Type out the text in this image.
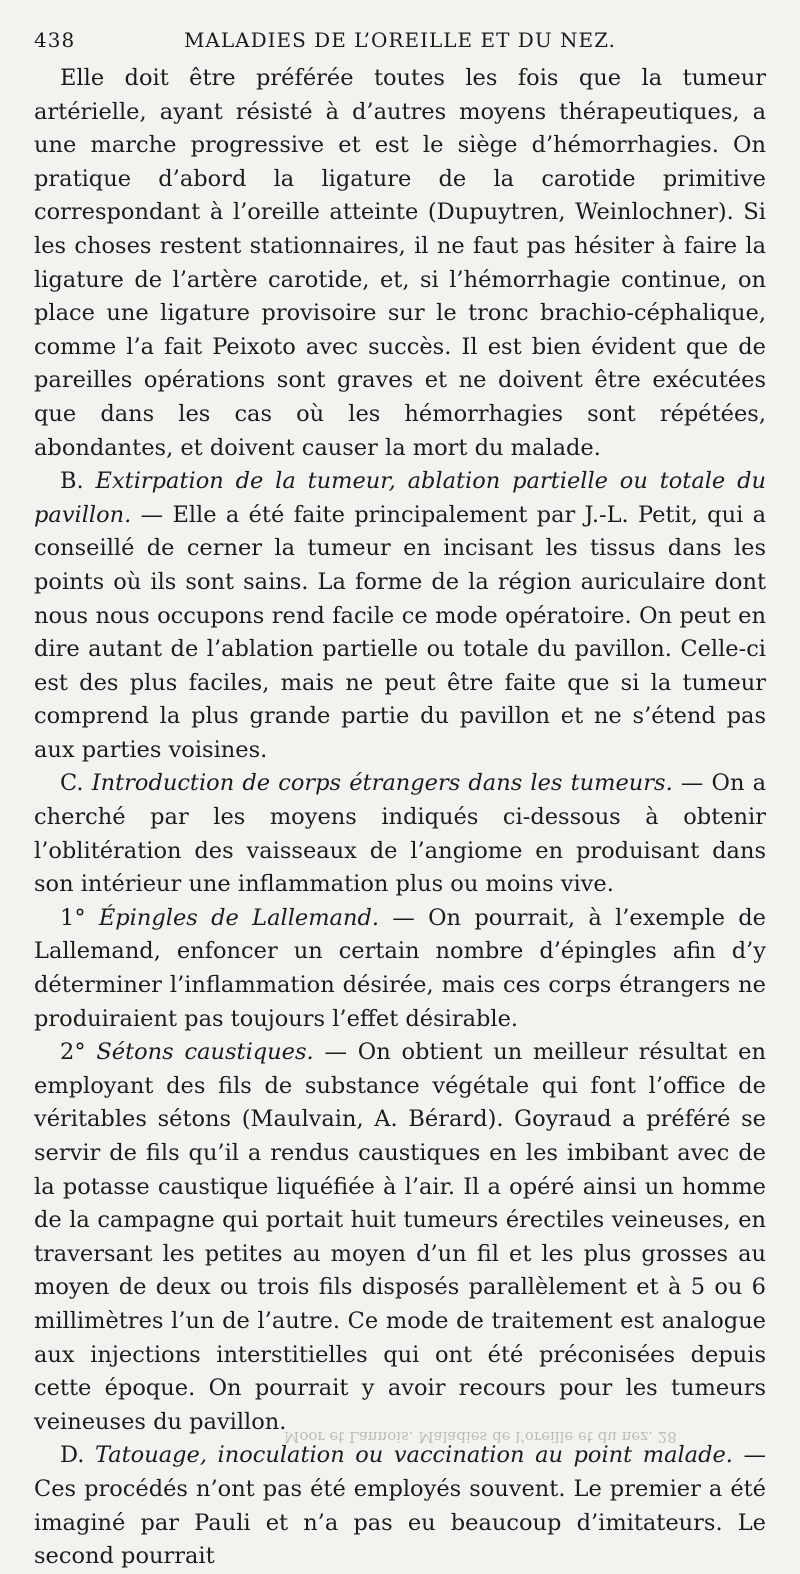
438	MALADIES DE L’OREILLE ET DU NEZ.

Elle doit être préférée toutes les fois que la tumeur artérielle, ayant résisté à d’autres moyens thérapeutiques, a une marche progressive et est le siège d’hémorrhagies. On pratique d’abord la ligature de la carotide primitive correspondant à l’oreille atteinte (Dupuytren, Weinlochner). Si les choses restent stationnaires, il ne faut pas hésiter à faire la ligature de l’artère carotide, et, si l’hémorrhagie continue, on place une ligature provisoire sur le tronc brachio-céphalique, comme l’a fait Peixoto avec succès. Il est bien évident que de pareilles opérations sont graves et ne doivent être exécutées que dans les cas où les hémorrhagies sont répétées, abondantes, et doivent causer la mort du malade.

B. Extirpation de la tumeur, ablation partielle ou totale du pavillon. — Elle a été faite principalement par J.-L. Petit, qui a conseillé de cerner la tumeur en incisant les tissus dans les points où ils sont sains. La forme de la région auriculaire dont nous nous occupons rend facile ce mode opératoire. On peut en dire autant de l’ablation partielle ou totale du pavillon. Celle-ci est des plus faciles, mais ne peut être faite que si la tumeur comprend la plus grande partie du pavillon et ne s’étend pas aux parties voisines.

C. Introduction de corps étrangers dans les tumeurs. — On a cherché par les moyens indiqués ci-dessous à obtenir l’oblitération des vaisseaux de l’angiome en produisant dans son intérieur une inflammation plus ou moins vive.

1° Épingles de Lallemand. — On pourrait, à l’exemple de Lallemand, enfoncer un certain nombre d’épingles afin d’y déterminer l’inflammation désirée, mais ces corps étrangers ne produiraient pas toujours l’effet désirable.

2° Sétons caustiques. — On obtient un meilleur résultat en employant des fils de substance végétale qui font l’office de véritables sétons (Maulvain, A. Bérard). Goyraud a préféré se servir de fils qu’il a rendus caustiques en les imbibant avec de la potasse caustique liquéfiée à l’air. Il a opéré ainsi un homme de la campagne qui portait huit tumeurs érectiles veineuses, en traversant les petites au moyen d’un fil et les plus grosses au moyen de deux ou trois fils disposés parallèlement et à 5 ou 6 millimètres l’un de l’autre. Ce mode de traitement est analogue aux injections interstitielles qui ont été préconisées depuis cette époque. On pourrait y avoir recours pour les tumeurs veineuses du pavillon.

D. Tatouage, inoculation ou vaccination au point malade. — Ces procédés n’ont pas été employés souvent. Le premier a été imaginé par Pauli et n’a pas eu beaucoup d’imitateurs. Le second pourrait

Moor et Lannois. Maladies de l’oreille et du nez. 28
